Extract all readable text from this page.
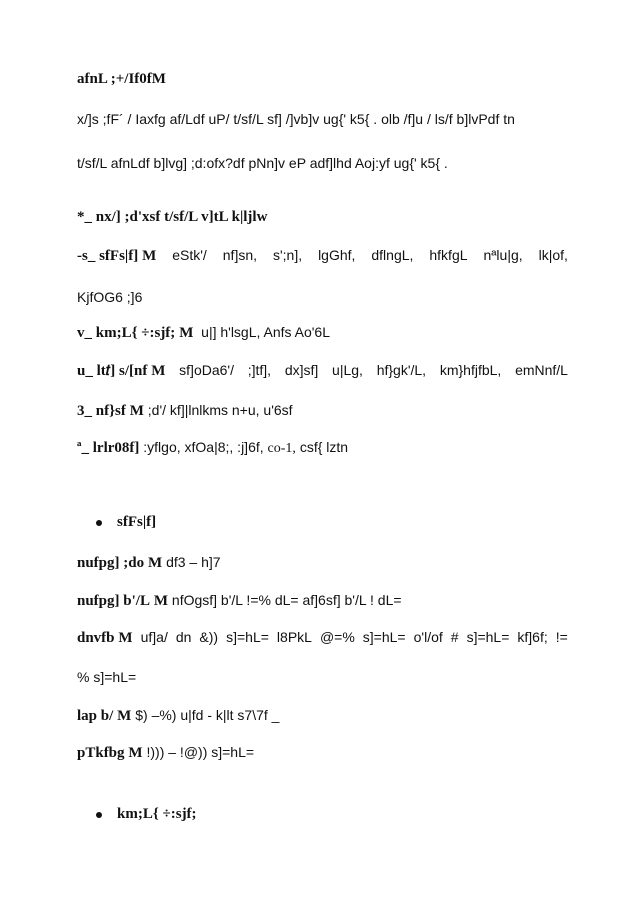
afnL ;+/If0fM
x/]s ;fF´ / Iaxfg af/Ldf uP/ t/sf/L sf] /]vb]v ug{' k5{ . olb /f]u / ls/f b]lvPdf tn
t/sf/L afnLdf b]lvg] ;d:ofx?df pNn]v eP adf]lhd Aoj:yf ug{' k5{ .
*_ nx/] ;d'xsf t/sf/L v]tL k|ljlw
-s_ sfFs|f] M eStk'/ nf]sn, s';n], lgGhf, dflngL, hfkfgL nªlu|g, lk|of,
KjfOG6 ;]6
v_ km;L{ ÷:sjf; M u|] h'lsgL, Anfs Ao'6L
u_ lt𝑡] s/[nf M sf]oDa6'/ ;]tf], dx]sf] u|Lg, hf}gk'/L, km}hfjfbL, emNnf/L
3_ nf}sf M ;d'/ kf]|lnlkms n+u, u'6sf
ª_ lrlr08f] :yflgo, xfOa|8;, :j]6f, co-1, csf{ lztn
sfFs|f]
nufpg] ;do M df3 – h]7
nufpg] b'/L M nfOgsf] b'/L !=% dL= af]6sf] b'/L ! dL=
dnvfb M uf]a/ dn &)) s]=hL= l8PkL @=% s]=hL= o'l/of # s]=hL= kf]6f; !=
% s]=hL=
lap b/ M $) –%) u|fd - k|lt s7\7f _
pTkfbg M !))) – !@)) s]=hL=
km;L{ ÷:sjf;
